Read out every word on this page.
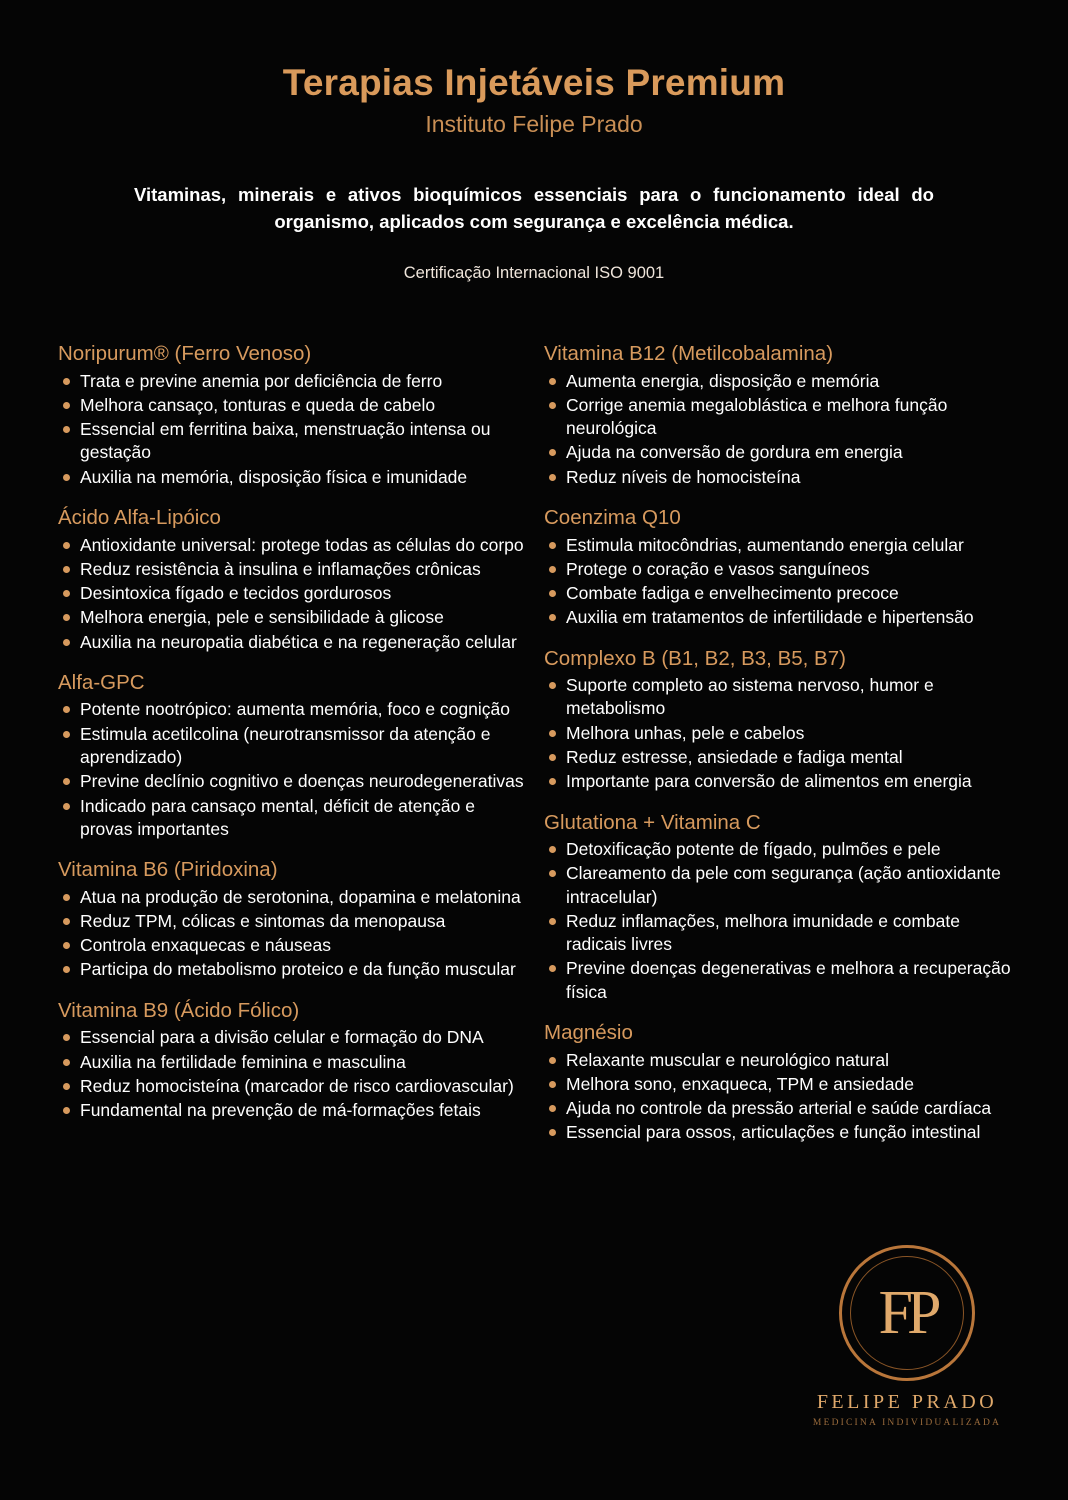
Terapias Injetáveis Premium
Instituto Felipe Prado
Vitaminas, minerais e ativos bioquímicos essenciais para o funcionamento ideal do organismo, aplicados com segurança e excelência médica.
Certificação Internacional ISO 9001
Noripurum® (Ferro Venoso)
Trata e previne anemia por deficiência de ferro
Melhora cansaço, tonturas e queda de cabelo
Essencial em ferritina baixa, menstruação intensa ou gestação
Auxilia na memória, disposição física e imunidade
Ácido Alfa-Lipóico
Antioxidante universal: protege todas as células do corpo
Reduz resistência à insulina e inflamações crônicas
Desintoxica fígado e tecidos gordurosos
Melhora energia, pele e sensibilidade à glicose
Auxilia na neuropatia diabética e na regeneração celular
Alfa-GPC
Potente nootrópico: aumenta memória, foco e cognição
Estimula acetilcolina (neurotransmissor da atenção e aprendizado)
Previne declínio cognitivo e doenças neurodegenerativas
Indicado para cansaço mental, déficit de atenção e provas importantes
Vitamina B6 (Piridoxina)
Atua na produção de serotonina, dopamina e melatonina
Reduz TPM, cólicas e sintomas da menopausa
Controla enxaquecas e náuseas
Participa do metabolismo proteico e da função muscular
Vitamina B9 (Ácido Fólico)
Essencial para a divisão celular e formação do DNA
Auxilia na fertilidade feminina e masculina
Reduz homocisteína (marcador de risco cardiovascular)
Fundamental na prevenção de má-formações fetais
Vitamina B12 (Metilcobalamina)
Aumenta energia, disposição e memória
Corrige anemia megaloblástica e melhora função neurológica
Ajuda na conversão de gordura em energia
Reduz níveis de homocisteína
Coenzima Q10
Estimula mitocôndrias, aumentando energia celular
Protege o coração e vasos sanguíneos
Combate fadiga e envelhecimento precoce
Auxilia em tratamentos de infertilidade e hipertensão
Complexo B (B1, B2, B3, B5, B7)
Suporte completo ao sistema nervoso, humor e metabolismo
Melhora unhas, pele e cabelos
Reduz estresse, ansiedade e fadiga mental
Importante para conversão de alimentos em energia
Glutationa + Vitamina C
Detoxificação potente de fígado, pulmões e pele
Clareamento da pele com segurança (ação antioxidante intracelular)
Reduz inflamações, melhora imunidade e combate radicais livres
Previne doenças degenerativas e melhora a recuperação física
Magnésio
Relaxante muscular e neurológico natural
Melhora sono, enxaqueca, TPM e ansiedade
Ajuda no controle da pressão arterial e saúde cardíaca
Essencial para ossos, articulações e função intestinal
FP
FELIPE PRADO
MEDICINA INDIVIDUALIZADA
